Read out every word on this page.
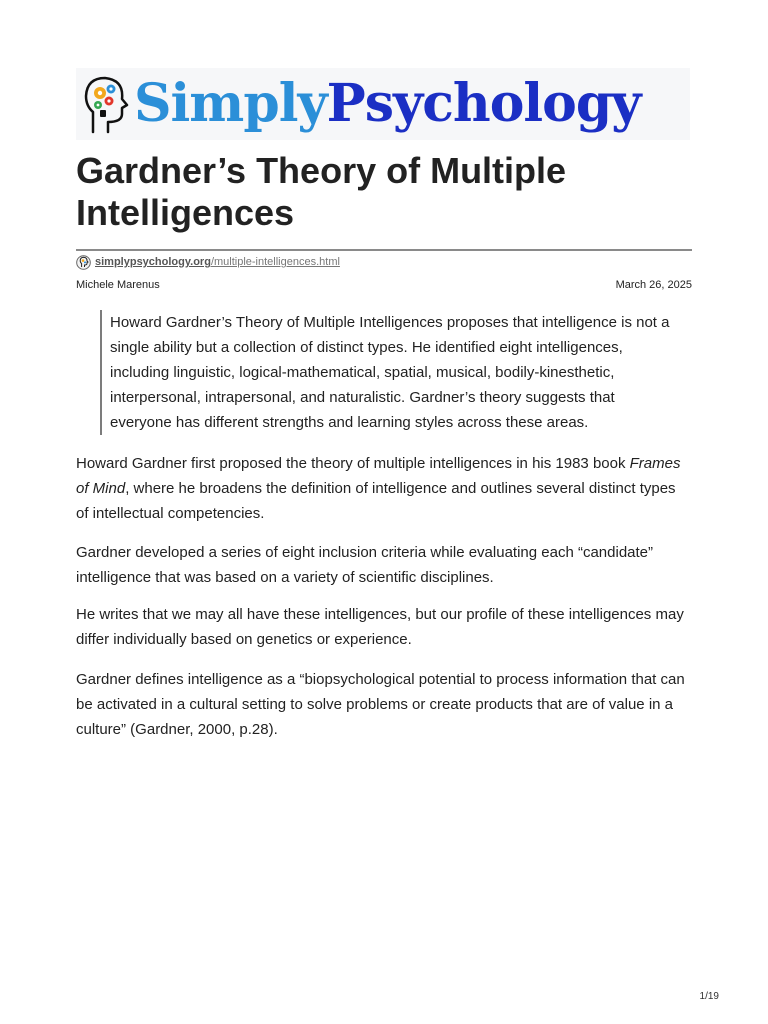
SimplyPsychology
Gardner’s Theory of Multiple Intelligences
simplypsychology.org /multiple-intelligences.html
Michele Marenus	March 26, 2025
Howard Gardner’s Theory of Multiple Intelligences proposes that intelligence is not a single ability but a collection of distinct types. He identified eight intelligences, including linguistic, logical-mathematical, spatial, musical, bodily-kinesthetic, interpersonal, intrapersonal, and naturalistic. Gardner’s theory suggests that everyone has different strengths and learning styles across these areas.

Howard Gardner first proposed the theory of multiple intelligences in his 1983 book Frames of Mind, where he broadens the definition of intelligence and outlines several distinct types of intellectual competencies.

Gardner developed a series of eight inclusion criteria while evaluating each “candidate” intelligence that was based on a variety of scientific disciplines.

He writes that we may all have these intelligences, but our profile of these intelligences may differ individually based on genetics or experience.

Gardner defines intelligence as a “biopsychological potential to process information that can be activated in a cultural setting to solve problems or create products that are of value in a culture” (Gardner, 2000, p.28).

1/19
